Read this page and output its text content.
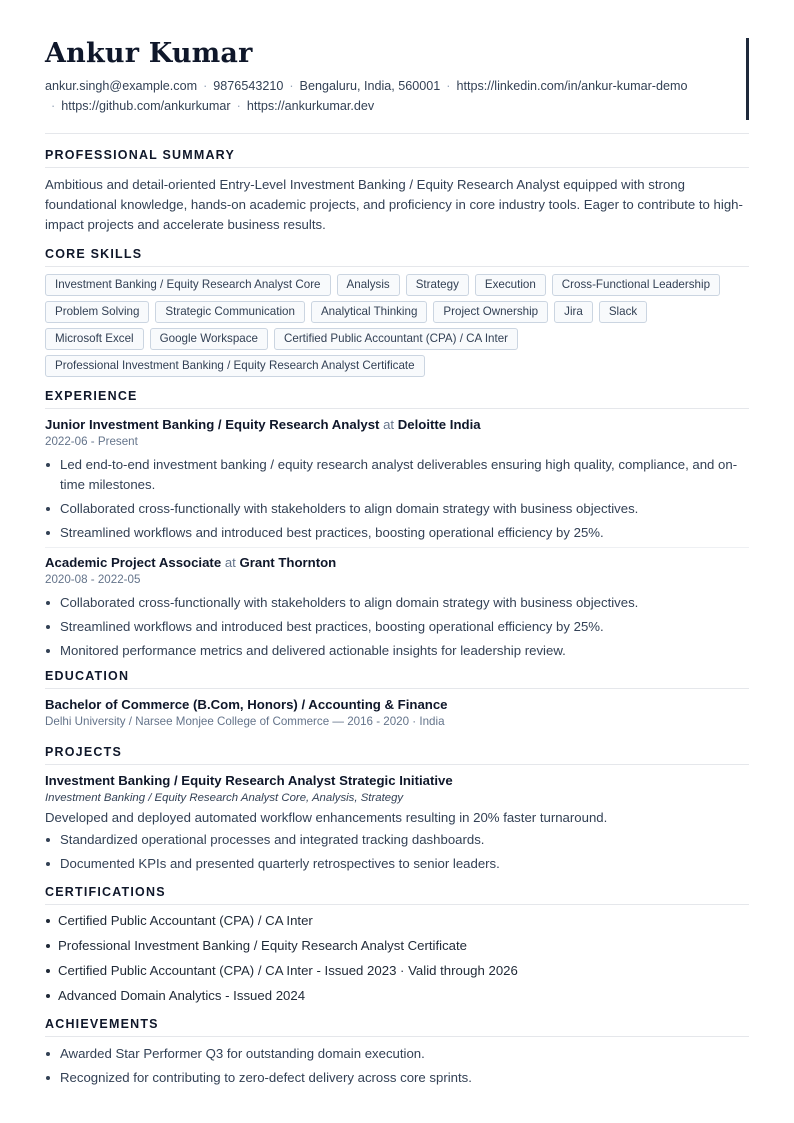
Ankur Kumar
ankur.singh@example.com · 9876543210 · Bengaluru, India, 560001 · https://linkedin.com/in/ankur-kumar-demo
· https://github.com/ankurkumar · https://ankurkumar.dev
PROFESSIONAL SUMMARY

Ambitious and detail-oriented Entry-Level Investment Banking / Equity Research Analyst equipped with strong foundational knowledge, hands-on academic projects, and proficiency in core industry tools. Eager to contribute to high-impact projects and accelerate business results.

CORE SKILLS
Investment Banking / Equity Research Analyst Core	Analysis	Strategy	Execution	Cross-Functional Leadership
Problem Solving	Strategic Communication	Analytical Thinking	Project Ownership	Jira	Slack
Microsoft Excel	Google Workspace	Certified Public Accountant (CPA) / CA Inter
Professional Investment Banking / Equity Research Analyst Certificate
EXPERIENCE
Junior Investment Banking / Equity Research Analyst at Deloitte India
2022-06 - Present
Led end-to-end investment banking / equity research analyst deliverables ensuring high quality, compliance, and on-time milestones.
Collaborated cross-functionally with stakeholders to align domain strategy with business objectives.
Streamlined workflows and introduced best practices, boosting operational efficiency by 25%.
Academic Project Associate at Grant Thornton
2020-08 - 2022-05
Collaborated cross-functionally with stakeholders to align domain strategy with business objectives.
Streamlined workflows and introduced best practices, boosting operational efficiency by 25%.
Monitored performance metrics and delivered actionable insights for leadership review.
EDUCATION
Bachelor of Commerce (B.Com, Honors) / Accounting & Finance
Delhi University / Narsee Monjee College of Commerce — 2016 - 2020 · India
PROJECTS
Investment Banking / Equity Research Analyst Strategic Initiative
Investment Banking / Equity Research Analyst Core, Analysis, Strategy

Developed and deployed automated workflow enhancements resulting in 20% faster turnaround.

Standardized operational processes and integrated tracking dashboards.
Documented KPIs and presented quarterly retrospectives to senior leaders.
CERTIFICATIONS
Certified Public Accountant (CPA) / CA Inter
Professional Investment Banking / Equity Research Analyst Certificate
Certified Public Accountant (CPA) / CA Inter - Issued 2023 · Valid through 2026
Advanced Domain Analytics - Issued 2024
ACHIEVEMENTS
Awarded Star Performer Q3 for outstanding domain execution.
Recognized for contributing to zero-defect delivery across core sprints.
